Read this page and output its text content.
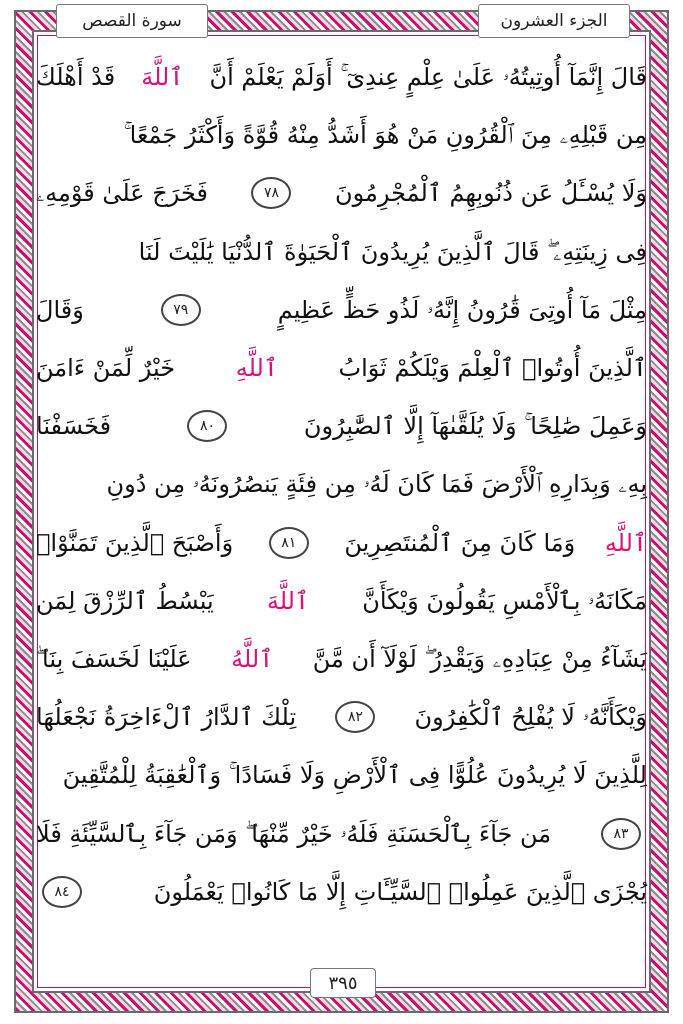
الجزء العشرون
سورة القصص
قَالَ إِنَّمَآ أُوتِيتُهُۥ عَلَىٰ عِلْمٍ عِندِىٓ ۚ أَوَلَمْ يَعْلَمْ أَنَّ
ٱللَّهَ
قَدْ أَهْلَكَ
مِن قَبْلِهِۦ مِنَ ٱلْقُرُونِ مَنْ هُوَ أَشَدُّ مِنْهُ قُوَّةً وَأَكْثَرُ جَمْعًا ۚ
وَلَا يُسْـَٔلُ عَن ذُنُوبِهِمُ ٱلْمُجْرِمُونَ
٧٨
فَخَرَجَ عَلَىٰ قَوْمِهِۦ
فِى زِينَتِهِۦ ۖ قَالَ ٱلَّذِينَ يُرِيدُونَ ٱلْحَيَوٰةَ ٱلدُّنْيَا يَٰلَيْتَ لَنَا
مِثْلَ مَآ أُوتِىَ قَٰرُونُ إِنَّهُۥ لَذُو حَظٍّ عَظِيمٍ
٧٩
وَقَالَ
ٱلَّذِينَ أُوتُوا۟ ٱلْعِلْمَ وَيْلَكُمْ ثَوَابُ
ٱللَّهِ
خَيْرٌ لِّمَنْ ءَامَنَ
وَعَمِلَ صَٰلِحًا ۚ وَلَا يُلَقَّىٰهَآ إِلَّا ٱلصَّٰبِرُونَ
٨٠
فَخَسَفْنَا
بِهِۦ وَبِدَارِهِ ٱلْأَرْضَ فَمَا كَانَ لَهُۥ مِن فِئَةٍ يَنصُرُونَهُۥ مِن دُونِ
ٱللَّهِ
وَمَا كَانَ مِنَ ٱلْمُنتَصِرِينَ
٨١
وَأَصْبَحَ ٱلَّذِينَ تَمَنَّوْا۟
مَكَانَهُۥ بِٱلْأَمْسِ يَقُولُونَ وَيْكَأَنَّ
ٱللَّهَ
يَبْسُطُ ٱلرِّزْقَ لِمَن
يَشَآءُ مِنْ عِبَادِهِۦ وَيَقْدِرُ ۖ لَوْلَآ أَن مَّنَّ
ٱللَّهُ
عَلَيْنَا لَخَسَفَ بِنَا ۖ
وَيْكَأَنَّهُۥ لَا يُفْلِحُ ٱلْكَٰفِرُونَ
٨٢
تِلْكَ ٱلدَّارُ ٱلْءَاخِرَةُ نَجْعَلُهَا
لِلَّذِينَ لَا يُرِيدُونَ عُلُوًّا فِى ٱلْأَرْضِ وَلَا فَسَادًا ۚ وَٱلْعَٰقِبَةُ لِلْمُتَّقِينَ
٨٣
مَن جَآءَ بِٱلْحَسَنَةِ فَلَهُۥ خَيْرٌ مِّنْهَا ۖ وَمَن جَآءَ بِٱلسَّيِّئَةِ فَلَا
يُجْزَى ٱلَّذِينَ عَمِلُوا۟ ٱلسَّيِّـَٔاتِ إِلَّا مَا كَانُوا۟ يَعْمَلُونَ
٨٤
٣٩٥
